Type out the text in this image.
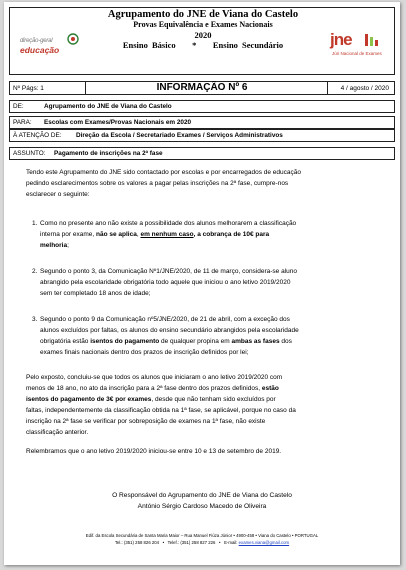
direção-geral
educação
Agrupamento do JNE de Viana do Castelo
Provas Equivalência e Exames Nacionais
2020
Ensino Básico    *    Ensino Secundário	jne
Júri Nacional de Exames
INFORMAÇÃO Nº 6
Nº Págs: 1	4 / agosto / 2020
DE:	Agrupamento do JNE de Viana do Castelo
PARA: Escolas com Exames/Provas Nacionais em 2020
À ATENÇÃO DE: Direção da Escola / Secretariado Exames / Serviços Administrativos
ASSUNTO: Pagamento de inscrições na 2ª fase
Tendo este Agrupamento do JNE sido contactado por escolas e por encarregados de educação
pedindo esclarecimentos sobre os valores a pagar pelas inscrições na 2ª fase, cumpre-nos
esclarecer o seguinte:
1. Como no presente ano não existe a possibilidade dos alunos melhorarem a classificação
interna por exame, não se aplica, em nenhum caso, a cobrança de 10€ para
melhoria;
2. Segundo o ponto 3, da Comunicação Nº1/JNE/2020, de 11 de março, considera-se aluno
abrangido pela escolaridade obrigatória todo aquele que iniciou o ano letivo 2019/2020
sem ter completado 18 anos de idade;
3. Segundo o ponto 9 da Comunicação nº5/JNE/2020, de 21 de abril, com a exceção dos
alunos excluídos por faltas, os alunos do ensino secundário abrangidos pela escolaridade
obrigatória estão isentos do pagamento de qualquer propina em ambas as fases dos
exames finais nacionais dentro dos prazos de inscrição definidos por lei;
Pelo exposto, concluiu-se que todos os alunos que iniciaram o ano letivo 2019/2020 com
menos de 18 ano, no ato da inscrição para a 2ª fase dentro dos prazos definidos, estão
isentos do pagamento de 3€ por exames, desde que não tenham sido excluídos por
faltas, independentemente da classificação obtida na 1ª fase, se aplicável, porque no caso da
inscrição na 2ª fase se verificar por sobreposição de exames na 1ª fase, não existe
classificação anterior.
Relembramos que o ano letivo 2019/2020 iniciou-se entre 10 e 13 de setembro de 2019.
O Responsável do Agrupamento do JNE de Viana do Castelo
António Sérgio Cardoso Macedo de Oliveira
Edif. da Escola Secundária de Santa Maria Maior – Rua Manuel Fiúza Júnior • 4900-458 • Viana do Castelo • PORTUGAL
Tel.: (351) 258 826 204   •   Telef.: (351) 258 827 226   •   E-mail: exames.viana@gmail.com
